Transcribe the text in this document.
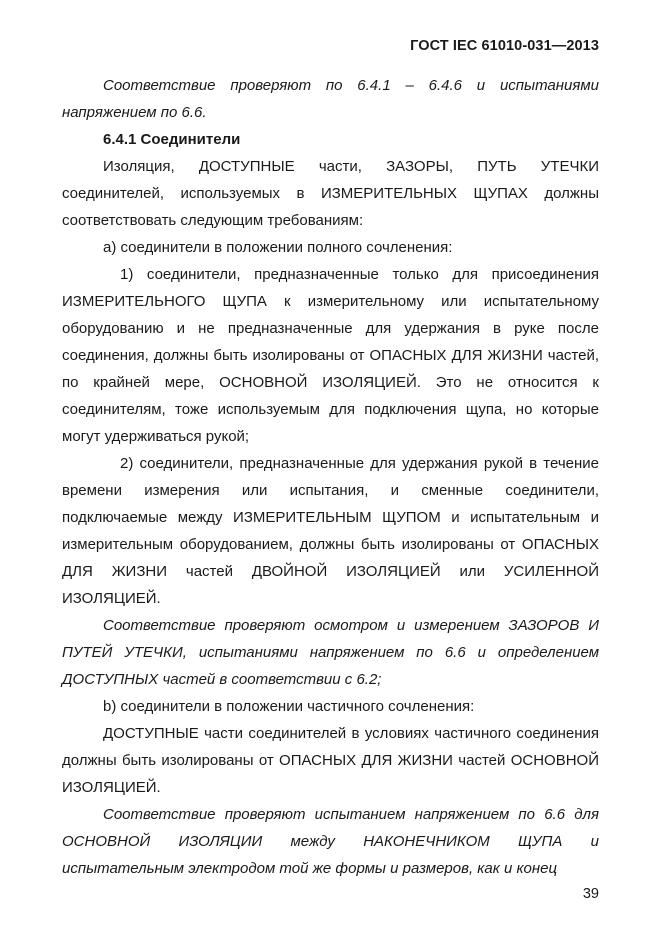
ГОСТ IEC 61010-031—2013

Соответствие проверяют по 6.4.1 – 6.4.6 и испытаниями напряжением по 6.6.

6.4.1 Соединители

Изоляция, ДОСТУПНЫЕ части, ЗАЗОРЫ, ПУТЬ УТЕЧКИ соединителей, используемых в ИЗМЕРИТЕЛЬНЫХ ЩУПАХ должны соответствовать следующим требованиям:

а) соединители в положении полного сочленения:

1) соединители, предназначенные только для присоединения ИЗМЕРИТЕЛЬНОГО ЩУПА к измерительному или испытательному оборудованию и не предназначенные для удержания в руке после соединения, должны быть изолированы от ОПАСНЫХ ДЛЯ ЖИЗНИ частей, по крайней мере, ОСНОВНОЙ ИЗОЛЯЦИЕЙ. Это не относится к соединителям, тоже используемым для подключения щупа, но которые могут удерживаться рукой;

2) соединители, предназначенные для удержания рукой в течение времени измерения или испытания, и сменные соединители, подключаемые между ИЗМЕРИТЕЛЬНЫМ ЩУПОМ и испытательным и измерительным оборудованием, должны быть изолированы от ОПАСНЫХ ДЛЯ ЖИЗНИ частей ДВОЙНОЙ ИЗОЛЯЦИЕЙ или УСИЛЕННОЙ ИЗОЛЯЦИЕЙ.

Соответствие проверяют осмотром и измерением ЗАЗОРОВ И ПУТЕЙ УТЕЧКИ, испытаниями напряжением по 6.6 и определением ДОСТУПНЫХ частей в соответствии с 6.2;

b) соединители в положении частичного сочленения:

ДОСТУПНЫЕ части соединителей в условиях частичного соединения должны быть изолированы от ОПАСНЫХ ДЛЯ ЖИЗНИ частей ОСНОВНОЙ ИЗОЛЯЦИЕЙ.

Соответствие проверяют испытанием напряжением по 6.6 для ОСНОВНОЙ ИЗОЛЯЦИИ между НАКОНЕЧНИКОМ ЩУПА и испытательным электродом той же формы и размеров, как и конец

39
